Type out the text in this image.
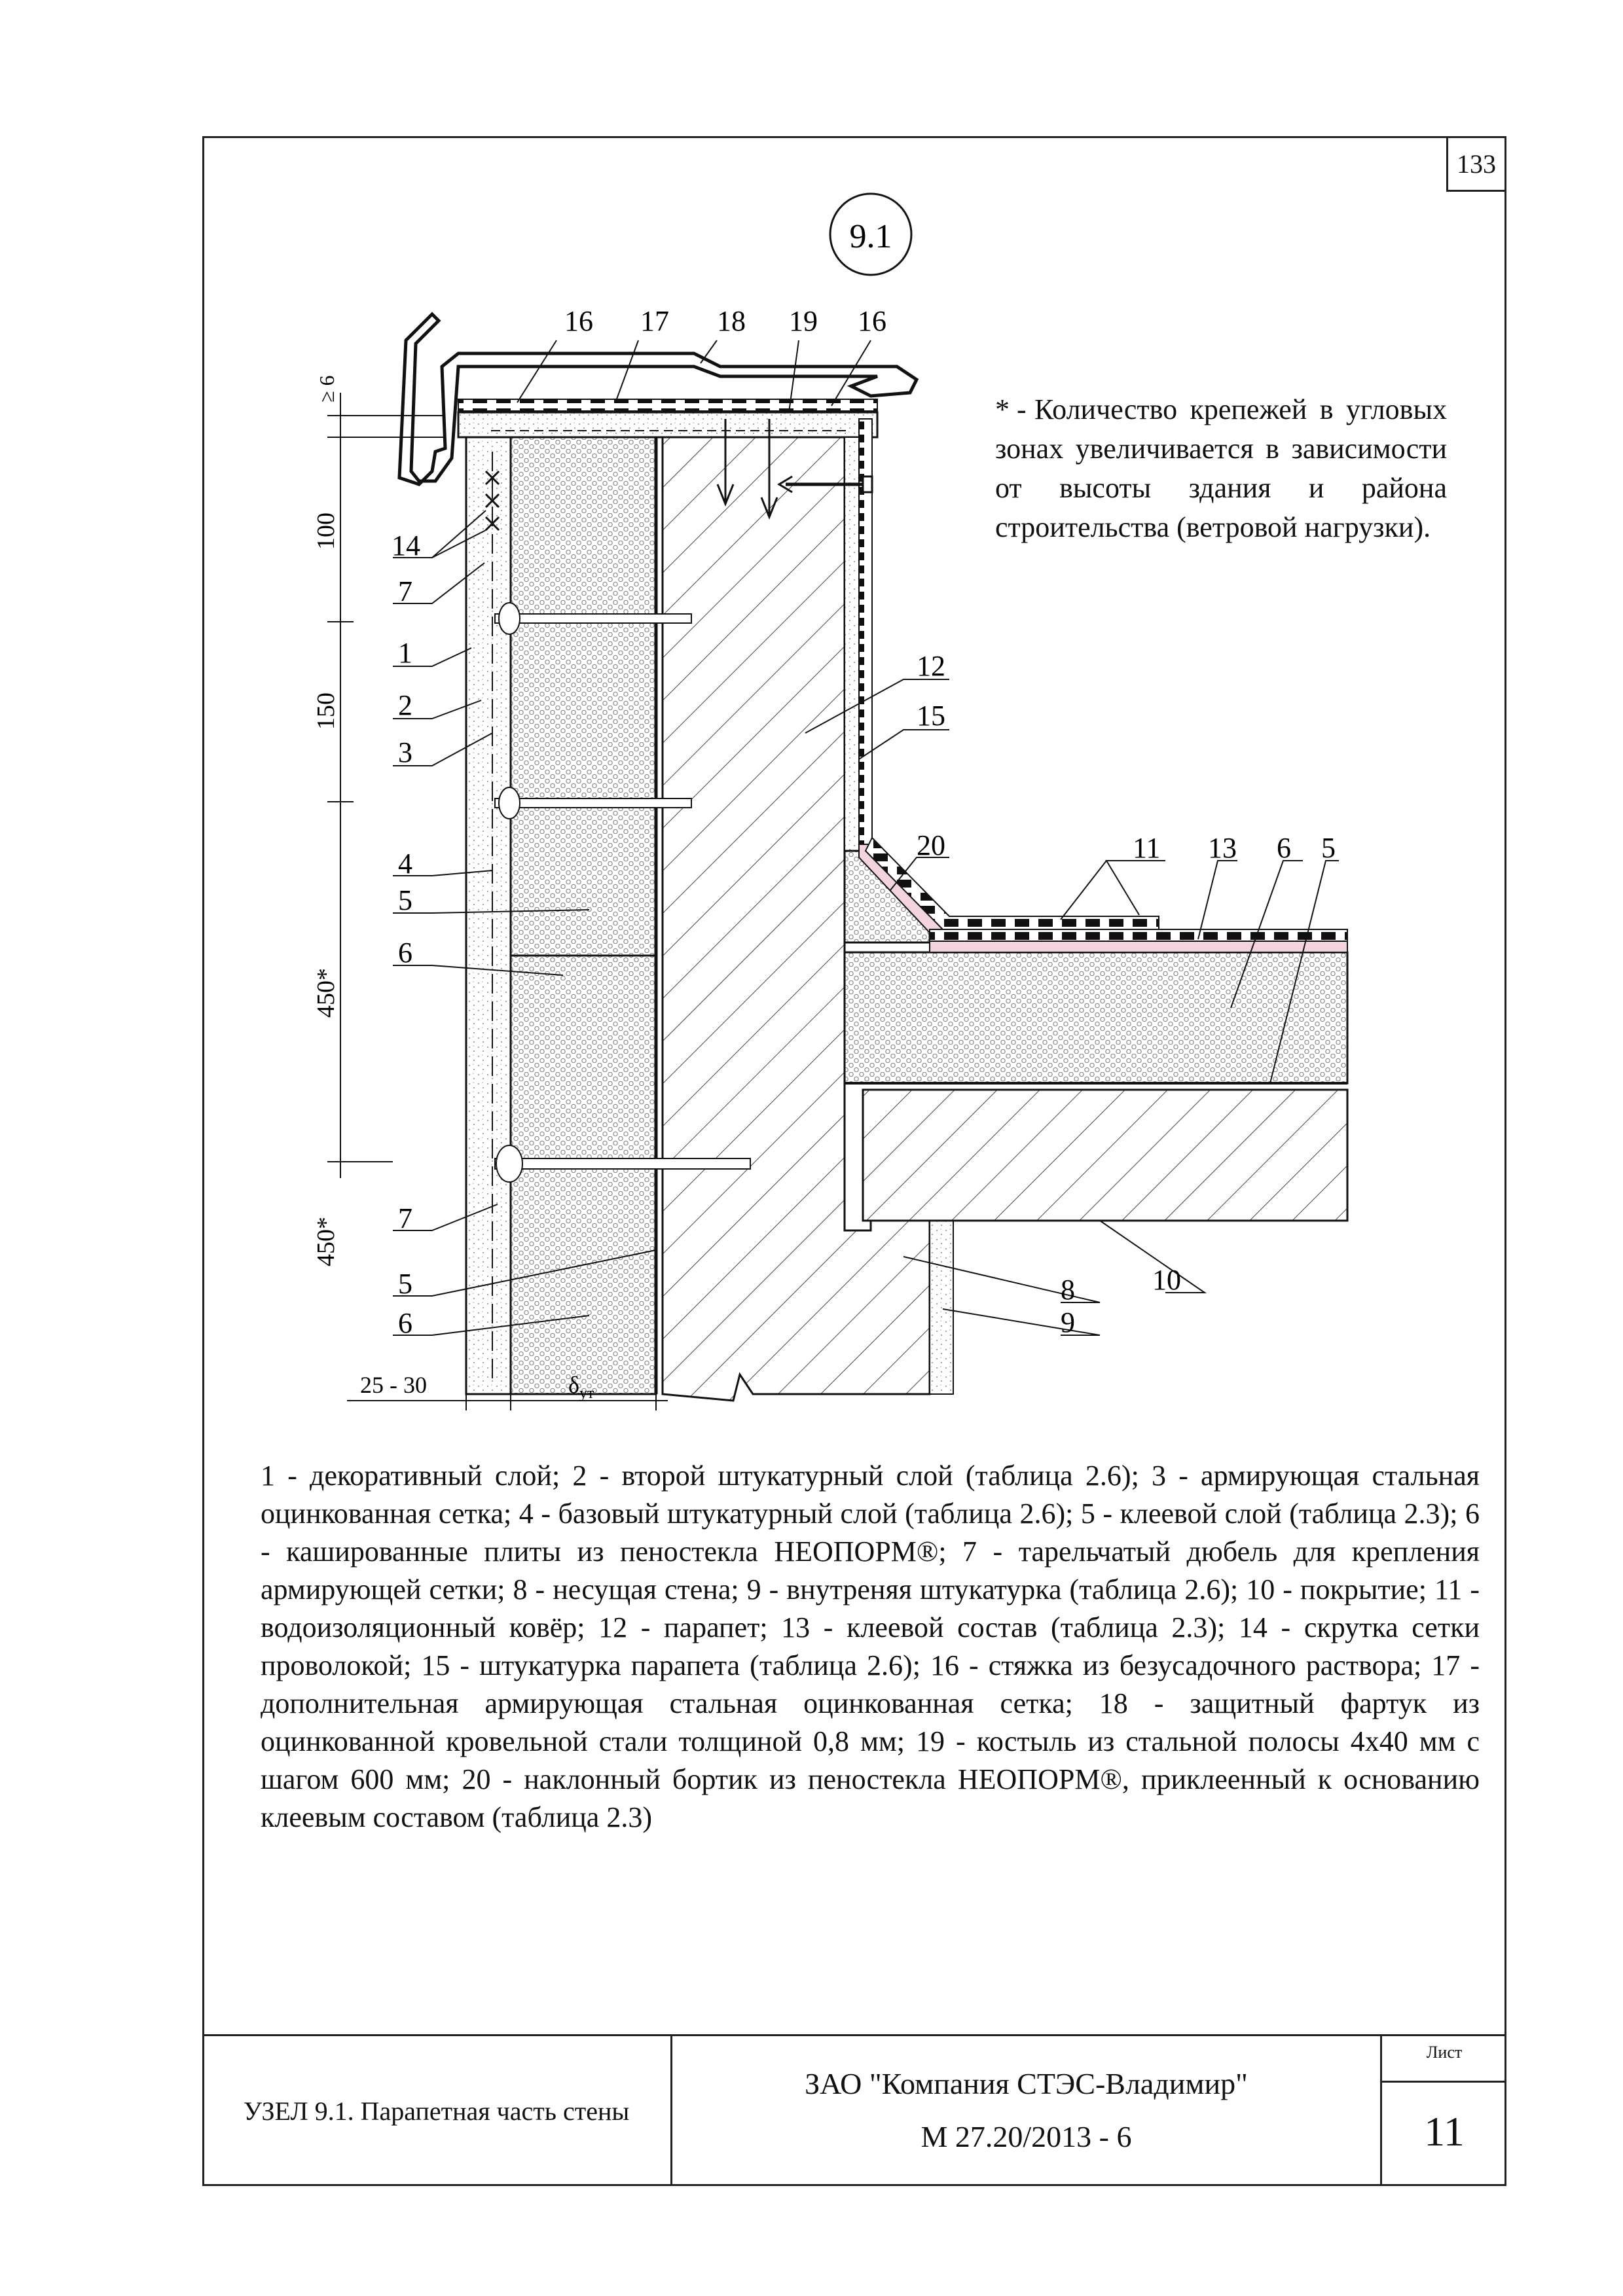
133
9.1
≥ 6
100
150
450*
450*
25 - 30	$\delta_{ут}$
16 17 18 19 16
14
7
1
2
3
4
5
6
7
5
6
12
15
20	11 13 6 5
8
9
10
* - Количество крепежей в угловых зонах увеличивается в зависимости от высоты здания и района строительства (ветровой нагрузки).
1 - декоративный слой; 2 - второй штукатурный слой (таблица 2.6); 3 - армирующая стальная оцинкованная сетка; 4 - базовый штукатурный слой (таблица 2.6); 5 - клеевой слой (таблица 2.3); 6 - кашированные плиты из пеностекла НЕОПОРМ®; 7 - тарельчатый дюбель для крепления армирующей сетки; 8 - несущая стена; 9 - внутреняя штукатурка (таблица 2.6); 10 - покрытие; 11 - водоизоляционный ковёр; 12 - парапет; 13 - клеевой состав (таблица 2.3); 14 - скрутка сетки проволокой; 15 - штукатурка парапета (таблица 2.6); 16 - стяжка из безусадочного раствора; 17 - дополнительная армирующая стальная оцинкованная сетка; 18 - защитный фартук из оцинкованной кровельной стали толщиной 0,8 мм; 19 - костыль из стальной полосы 4х40 мм с шагом 600 мм; 20 - наклонный бортик из пеностекла НЕОПОРМ®, приклеенный к основанию клеевым составом (таблица 2.3)
УЗЕЛ 9.1. Парапетная часть стены
ЗАО "Компания СТЭС-Владимир"
М 27.20/2013 - 6
Лист
11
